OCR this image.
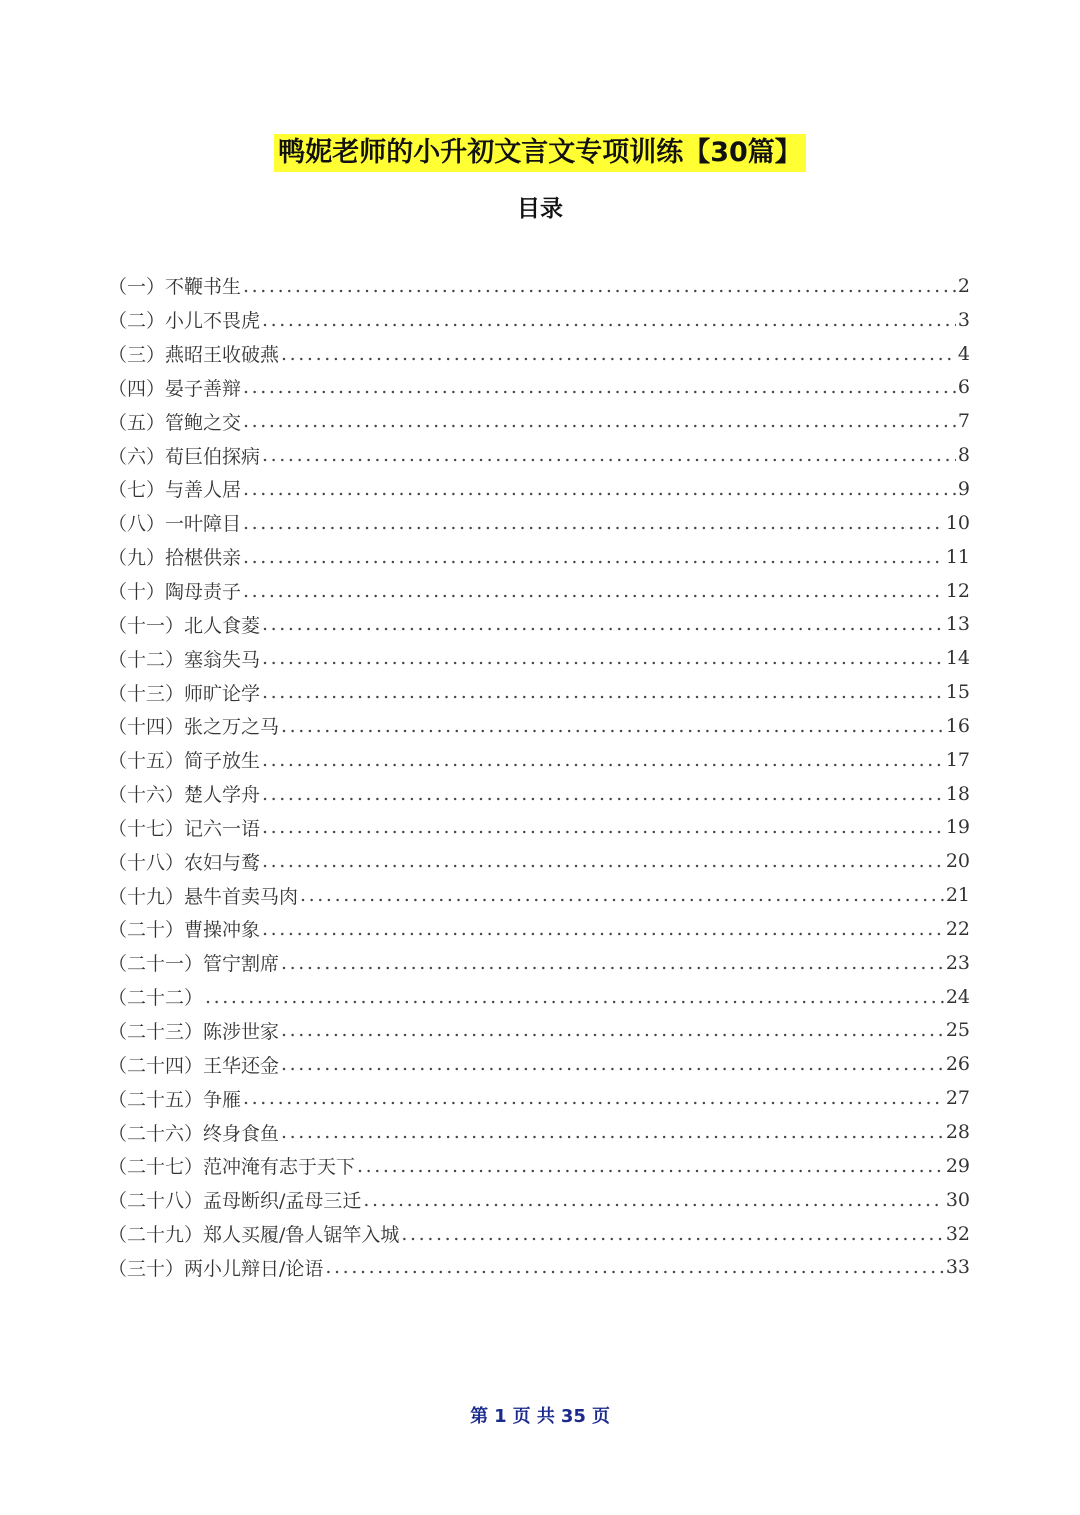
鸭妮老师的小升初文言文专项训练【30篇】
目录
（一）不鞭书生 .....	2
（二）小儿不畏虎 .....	3
（三）燕昭王收破燕 .....	4
（四）晏子善辩 .....	6
（五）管鲍之交 .....	7
（六）荀巨伯探病 .....	8
（七）与善人居 .....	9
（八）一叶障目 .....	10
（九）拾椹供亲 .....	11
（十）陶母责子 .....	12
（十一）北人食菱 .....	13
（十二）塞翁失马 .....	14
（十三）师旷论学 .....	15
（十四）张之万之马 .....	16
（十五）简子放生 .....	17
（十六）楚人学舟 .....	18
（十七）记六一语 .....	19
（十八）农妇与鹜 .....	20
（十九）悬牛首卖马肉 .....	21
（二十）曹操冲象 .....	22
（二十一）管宁割席 .....	23
（二十二） .....	24
（二十三）陈涉世家 .....	25
（二十四）王华还金 .....	26
（二十五）争雁 .....	27
（二十六）终身食鱼 .....	28
（二十七）范冲淹有志于天下 .....	29
（二十八）孟母断织/孟母三迁 .....	30
（二十九）郑人买履/鲁人锯竿入城 .....	32
（三十）两小儿辩日/论语 .....	33
第 1 页 共 35 页
